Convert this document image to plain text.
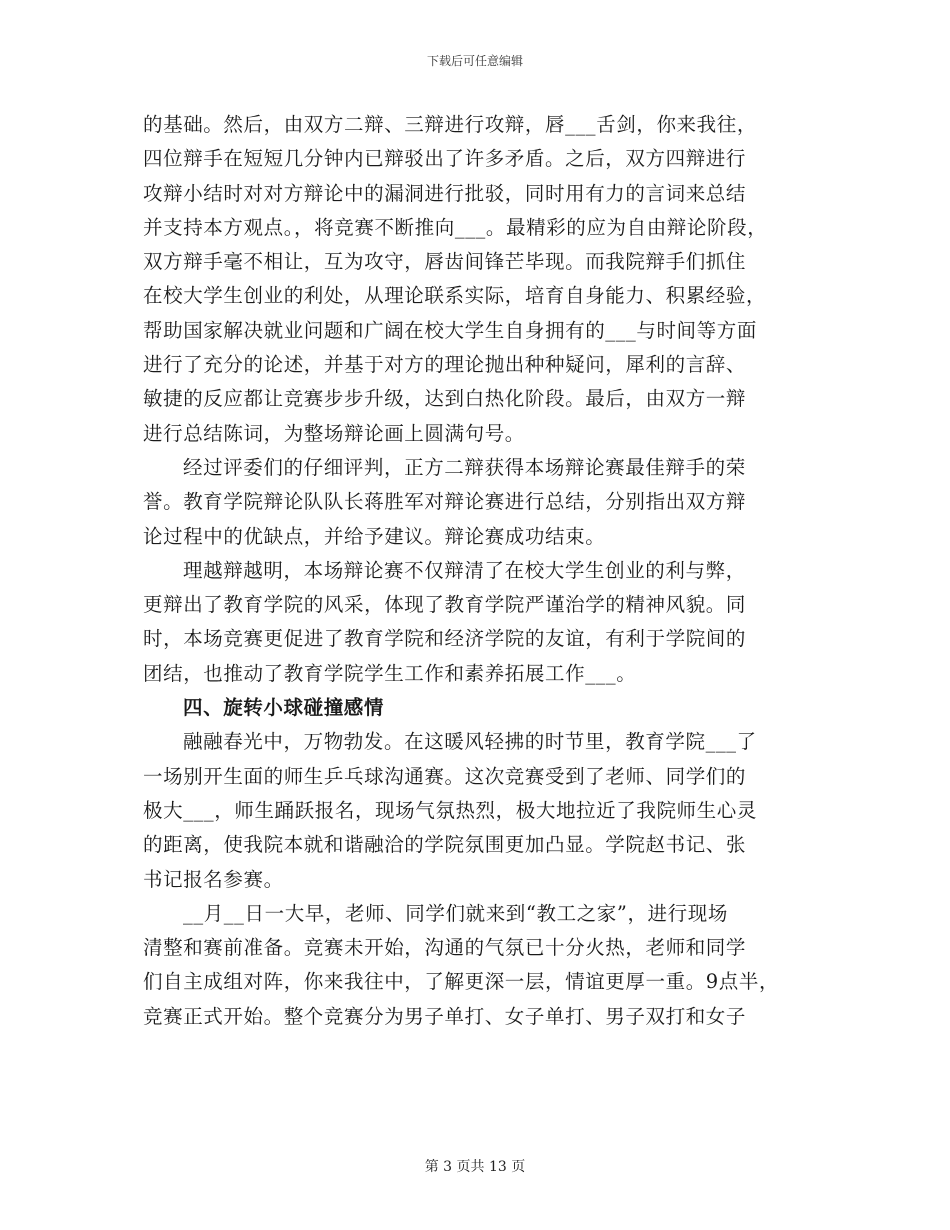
下载后可任意编辑
的基础。然后，由双方二辩、三辩进行攻辩，唇___舌剑，你来我往，
四位辩手在短短几分钟内已辩驳出了许多矛盾。之后，双方四辩进行
攻辩小结时对对方辩论中的漏洞进行批驳，同时用有力的言词来总结
并支持本方观点。，将竞赛不断推向___。最精彩的应为自由辩论阶段，
双方辩手毫不相让，互为攻守，唇齿间锋芒毕现。而我院辩手们抓住
在校大学生创业的利处，从理论联系实际，培育自身能力、积累经验，
帮助国家解决就业问题和广阔在校大学生自身拥有的___与时间等方面
进行了充分的论述，并基于对方的理论抛出种种疑问，犀利的言辞、
敏捷的反应都让竞赛步步升级，达到白热化阶段。最后，由双方一辩
进行总结陈词，为整场辩论画上圆满句号。
经过评委们的仔细评判，正方二辩获得本场辩论赛最佳辩手的荣
誉。教育学院辩论队队长蒋胜军对辩论赛进行总结，分别指出双方辩
论过程中的优缺点，并给予建议。辩论赛成功结束。
理越辩越明，本场辩论赛不仅辩清了在校大学生创业的利与弊，
更辩出了教育学院的风采，体现了教育学院严谨治学的精神风貌。同
时，本场竞赛更促进了教育学院和经济学院的友谊，有利于学院间的
团结，也推动了教育学院学生工作和素养拓展工作___。
四、旋转小球碰撞感情
融融春光中，万物勃发。在这暖风轻拂的时节里，教育学院___了
一场别开生面的师生乒乓球沟通赛。这次竞赛受到了老师、同学们的
极大___，师生踊跃报名，现场气氛热烈，极大地拉近了我院师生心灵
的距离，使我院本就和谐融洽的学院氛围更加凸显。学院赵书记、张
书记报名参赛。
__月__日一大早，老师、同学们就来到“教工之家”，进行现场
清整和赛前准备。竞赛未开始，沟通的气氛已十分火热，老师和同学
们自主成组对阵，你来我往中，了解更深一层，情谊更厚一重。9点半，
竞赛正式开始。整个竞赛分为男子单打、女子单打、男子双打和女子
第 3 页共 13 页
